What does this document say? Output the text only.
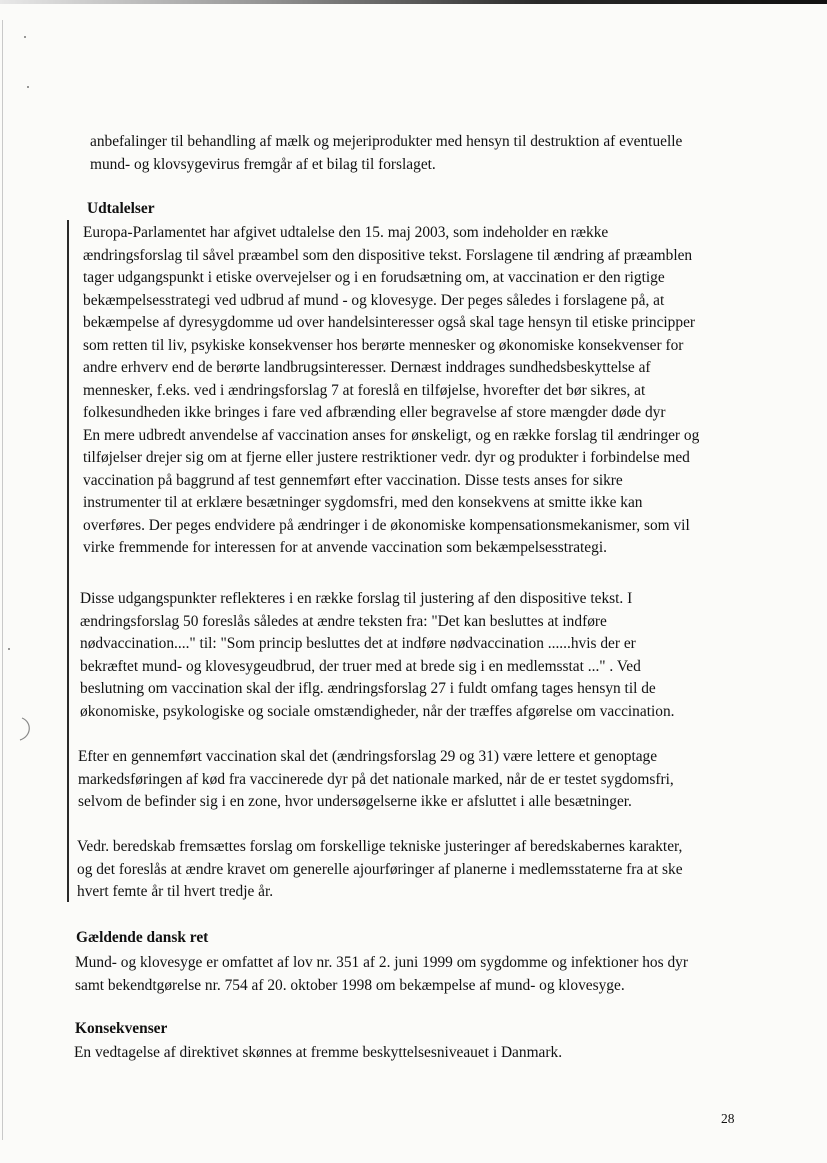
anbefalinger til behandling af mælk og mejeriprodukter med hensyn til destruktion af eventuelle
mund- og klovsygevirus fremgår af et bilag til forslaget.
Udtalelser
Europa-Parlamentet har afgivet udtalelse den 15. maj 2003, som indeholder en række
ændringsforslag til såvel præambel som den dispositive tekst. Forslagene til ændring af præamblen
tager udgangspunkt i etiske overvejelser og i en forudsætning om, at vaccination er den rigtige
bekæmpelsesstrategi ved udbrud af mund - og klovesyge. Der peges således i forslagene på, at
bekæmpelse af dyresygdomme ud over handelsinteresser også skal tage hensyn til etiske principper
som retten til liv, psykiske konsekvenser hos berørte mennesker og økonomiske konsekvenser for
andre erhverv end de berørte landbrugsinteresser. Dernæst inddrages sundhedsbeskyttelse af
mennesker, f.eks. ved i ændringsforslag 7 at foreslå en tilføjelse, hvorefter det bør sikres, at
folkesundheden ikke bringes i fare ved afbrænding eller begravelse af store mængder døde dyr
En mere udbredt anvendelse af vaccination anses for ønskeligt, og en række forslag til ændringer og
tilføjelser drejer sig om at fjerne eller justere restriktioner vedr. dyr og produkter i forbindelse med
vaccination på baggrund af test gennemført efter vaccination. Disse tests anses for sikre
instrumenter til at erklære besætninger sygdomsfri, med den konsekvens at smitte ikke kan
overføres. Der peges endvidere på ændringer i de økonomiske kompensationsmekanismer, som vil
virke fremmende for interessen for at anvende vaccination som bekæmpelsesstrategi.
Disse udgangspunkter reflekteres i en række forslag til justering af den dispositive tekst. I
ændringsforslag 50 foreslås således at ændre teksten fra: "Det kan besluttes at indføre
nødvaccination...." til: "Som princip besluttes det at indføre nødvaccination ......hvis der er
bekræftet mund- og klovesygeudbrud, der truer med at brede sig i en medlemsstat ..." . Ved
beslutning om vaccination skal der iflg. ændringsforslag 27 i fuldt omfang tages hensyn til de
økonomiske, psykologiske og sociale omstændigheder, når der træffes afgørelse om vaccination.
Efter en gennemført vaccination skal det (ændringsforslag 29 og 31) være lettere et genoptage
markedsføringen af kød fra vaccinerede dyr på det nationale marked, når de er testet sygdomsfri,
selvom de befinder sig i en zone, hvor undersøgelserne ikke er afsluttet i alle besætninger.
Vedr. beredskab fremsættes forslag om forskellige tekniske justeringer af beredskabernes karakter,
og det foreslås at ændre kravet om generelle ajourføringer af planerne i medlemsstaterne fra at ske
hvert femte år til hvert tredje år.
Gældende dansk ret
Mund- og klovesyge er omfattet af lov nr. 351 af 2. juni 1999 om sygdomme og infektioner hos dyr
samt bekendtgørelse nr. 754 af 20. oktober 1998 om bekæmpelse af mund- og klovesyge.
Konsekvenser
En vedtagelse af direktivet skønnes at fremme beskyttelsesniveauet i Danmark.
28
